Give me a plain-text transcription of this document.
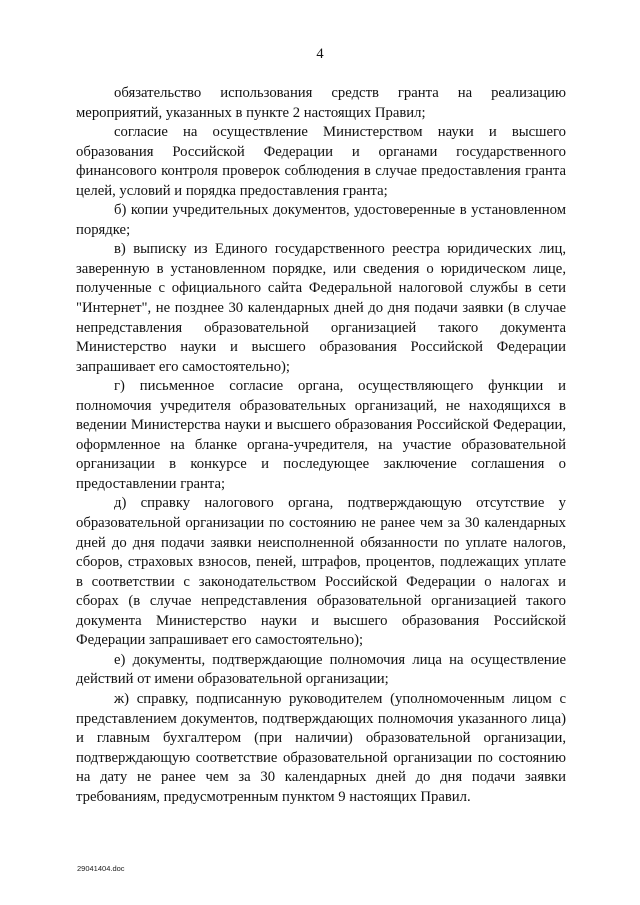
4

обязательство использования средств гранта на реализацию мероприятий, указанных в пункте 2 настоящих Правил;

согласие на осуществление Министерством науки и высшего образования Российской Федерации и органами государственного финансового контроля проверок соблюдения в случае предоставления гранта целей, условий и порядка предоставления гранта;

б) копии учредительных документов, удостоверенные в установленном порядке;

в) выписку из Единого государственного реестра юридических лиц, заверенную в установленном порядке, или сведения о юридическом лице, полученные с официального сайта Федеральной налоговой службы в сети "Интернет", не позднее 30 календарных дней до дня подачи заявки (в случае непредставления образовательной организацией такого документа Министерство науки и высшего образования Российской Федерации запрашивает его самостоятельно);

г) письменное согласие органа, осуществляющего функции и полномочия учредителя образовательных организаций, не находящихся в ведении Министерства науки и высшего образования Российской Федерации, оформленное на бланке органа-учредителя, на участие образовательной организации в конкурсе и последующее заключение соглашения о предоставлении гранта;

д) справку налогового органа, подтверждающую отсутствие у образовательной организации по состоянию не ранее чем за 30 календарных дней до дня подачи заявки неисполненной обязанности по уплате налогов, сборов, страховых взносов, пеней, штрафов, процентов, подлежащих уплате в соответствии с законодательством Российской Федерации о налогах и сборах (в случае непредставления образовательной организацией такого документа Министерство науки и высшего образования Российской Федерации запрашивает его самостоятельно);

е) документы, подтверждающие полномочия лица на осуществление действий от имени образовательной организации;

ж) справку, подписанную руководителем (уполномоченным лицом с представлением документов, подтверждающих полномочия указанного лица) и главным бухгалтером (при наличии) образовательной организации, подтверждающую соответствие образовательной организации по состоянию на дату не ранее чем за 30 календарных дней до дня подачи заявки требованиям, предусмотренным пунктом 9 настоящих Правил.

29041404.doc
